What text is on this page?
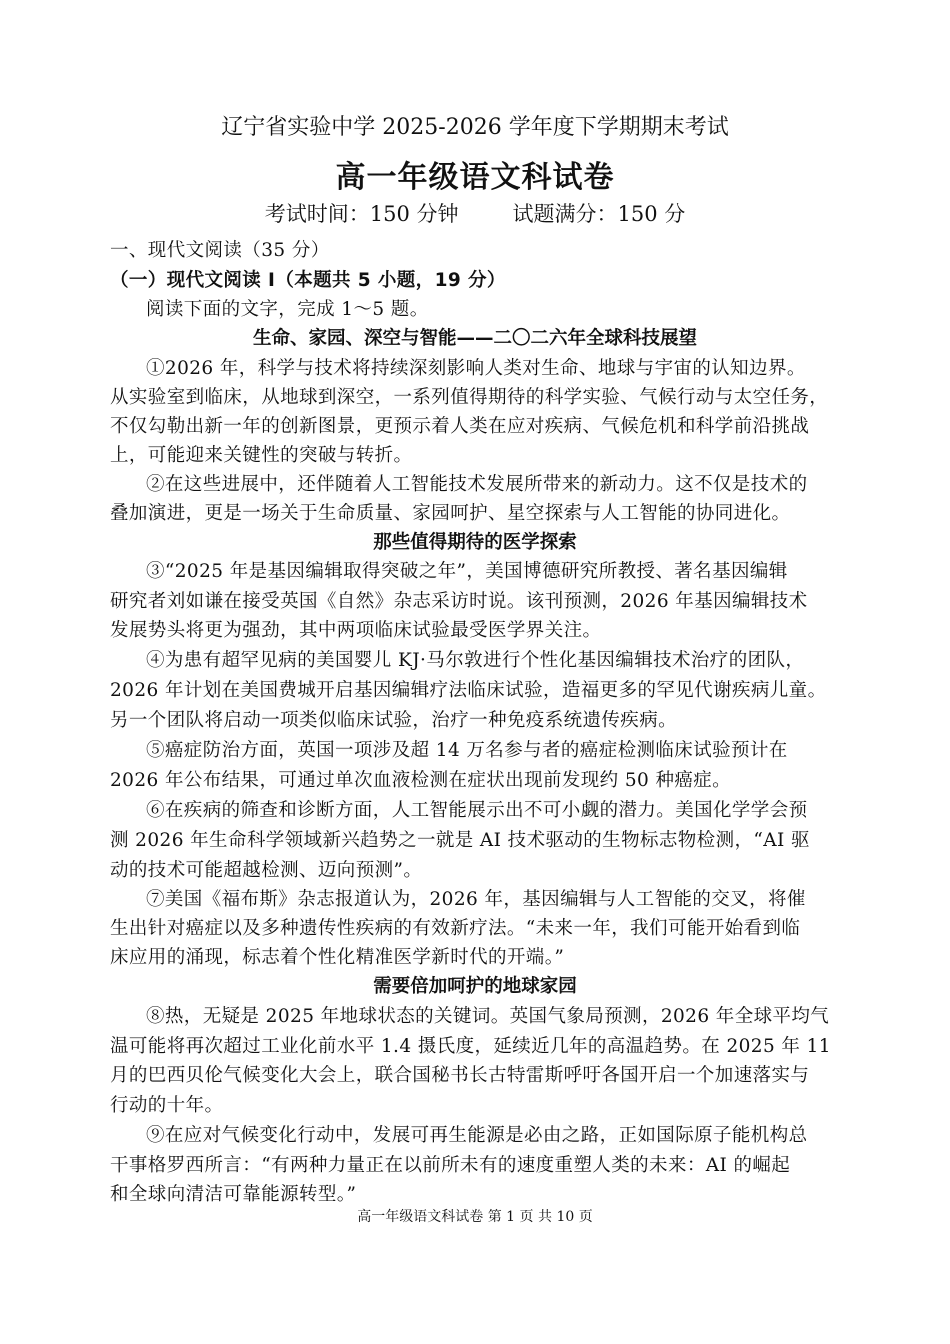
辽宁省实验中学 2025-2026 学年度下学期期末考试
高一年级语文科试卷
考试时间：150 分钟	试题满分：150 分
一、现代文阅读（35 分）
（一）现代文阅读 I（本题共 5 小题，19 分）
阅读下面的文字，完成 1～5 题。
生命、家园、深空与智能——二〇二六年全球科技展望
①2026 年，科学与技术将持续深刻影响人类对生命、地球与宇宙的认知边界。
从实验室到临床，从地球到深空，一系列值得期待的科学实验、气候行动与太空任务，
不仅勾勒出新一年的创新图景，更预示着人类在应对疾病、气候危机和科学前沿挑战
上，可能迎来关键性的突破与转折。
②在这些进展中，还伴随着人工智能技术发展所带来的新动力。这不仅是技术的
叠加演进，更是一场关于生命质量、家园呵护、星空探索与人工智能的协同进化。
那些值得期待的医学探索
③“2025 年是基因编辑取得突破之年”，美国博德研究所教授、著名基因编辑
研究者刘如谦在接受英国《自然》杂志采访时说。该刊预测，2026 年基因编辑技术
发展势头将更为强劲，其中两项临床试验最受医学界关注。
④为患有超罕见病的美国婴儿 KJ·马尔敦进行个性化基因编辑技术治疗的团队，
2026 年计划在美国费城开启基因编辑疗法临床试验，造福更多的罕见代谢疾病儿童。
另一个团队将启动一项类似临床试验，治疗一种免疫系统遗传疾病。
⑤癌症防治方面，英国一项涉及超 14 万名参与者的癌症检测临床试验预计在
2026 年公布结果，可通过单次血液检测在症状出现前发现约 50 种癌症。
⑥在疾病的筛查和诊断方面，人工智能展示出不可小觑的潜力。美国化学学会预
测 2026 年生命科学领域新兴趋势之一就是 AI 技术驱动的生物标志物检测，“AI 驱
动的技术可能超越检测、迈向预测”。
⑦美国《福布斯》杂志报道认为，2026 年，基因编辑与人工智能的交叉，将催
生出针对癌症以及多种遗传性疾病的有效新疗法。“未来一年，我们可能开始看到临
床应用的涌现，标志着个性化精准医学新时代的开端。”
需要倍加呵护的地球家园
⑧热，无疑是 2025 年地球状态的关键词。英国气象局预测，2026 年全球平均气
温可能将再次超过工业化前水平 1.4 摄氏度，延续近几年的高温趋势。在 2025 年 11
月的巴西贝伦气候变化大会上，联合国秘书长古特雷斯呼吁各国开启一个加速落实与
行动的十年。
⑨在应对气候变化行动中，发展可再生能源是必由之路，正如国际原子能机构总
干事格罗西所言：“有两种力量正在以前所未有的速度重塑人类的未来：AI 的崛起
和全球向清洁可靠能源转型。”
高一年级语文科试卷 第 1 页 共 10 页
